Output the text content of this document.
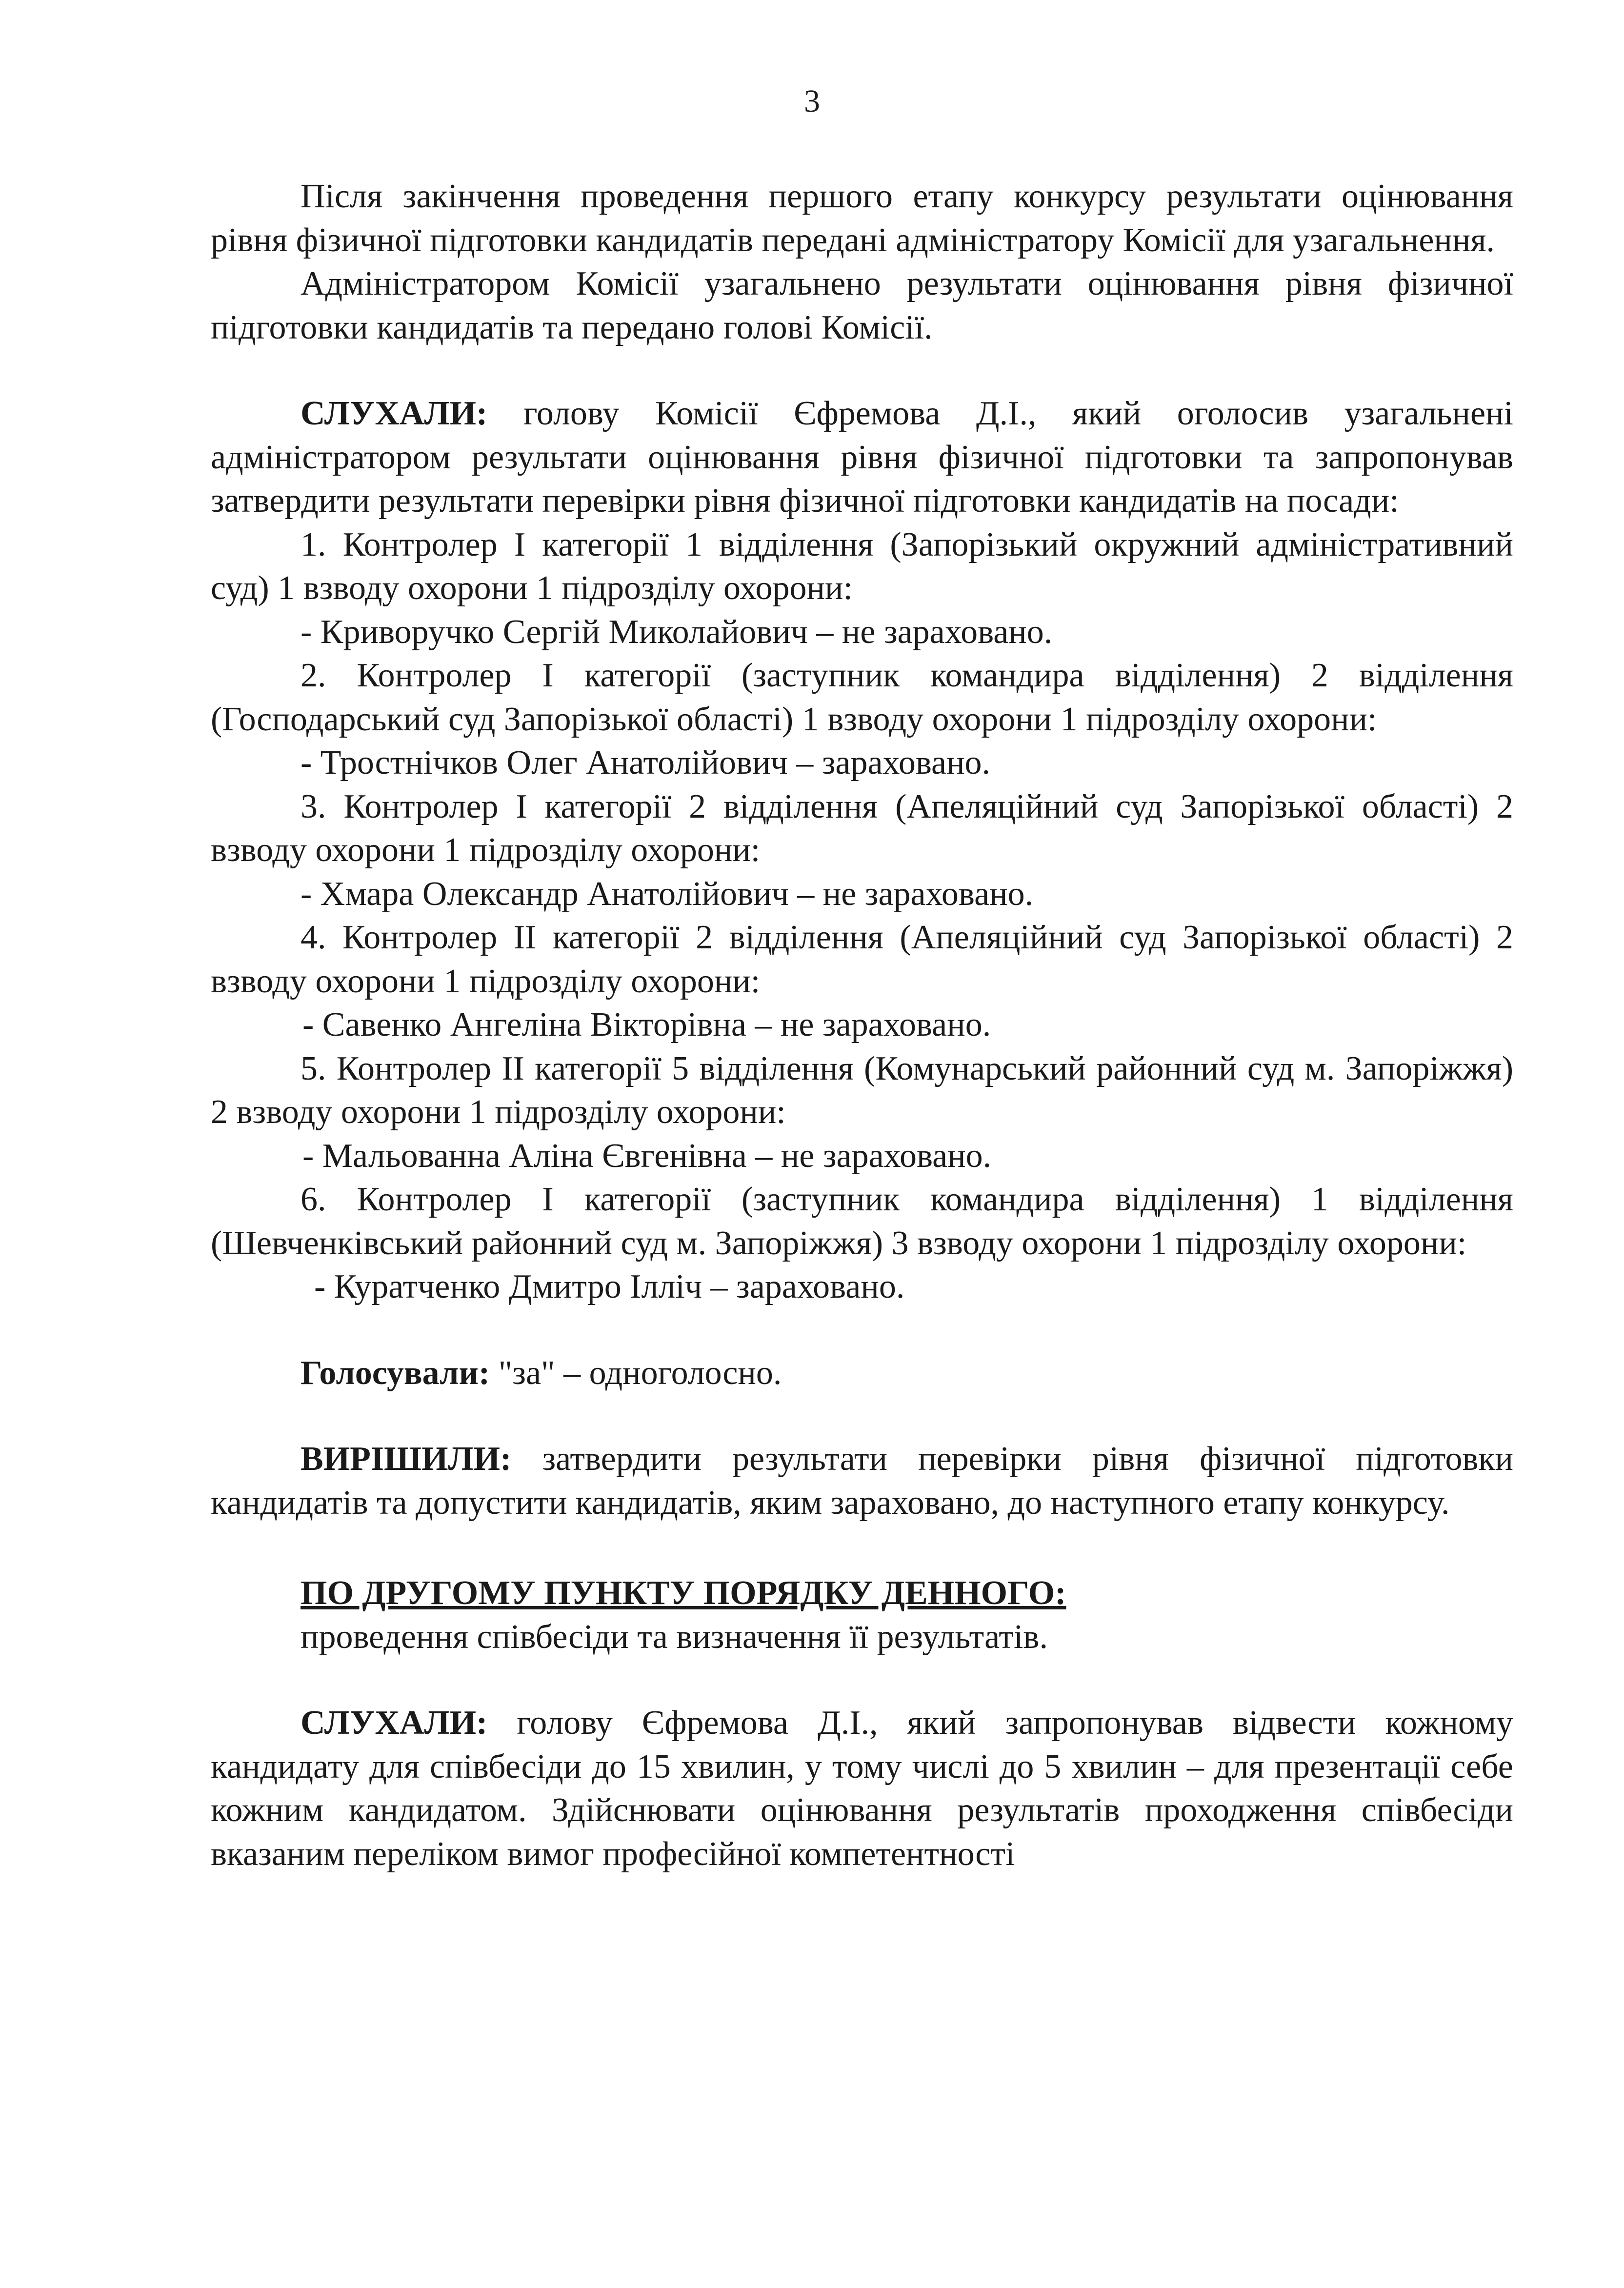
3

Після закінчення проведення першого етапу конкурсу результати оцінювання рівня фізичної підготовки кандидатів передані адміністратору Комісії для узагальнення.

Адміністратором Комісії узагальнено результати оцінювання рівня фізичної підготовки кандидатів та передано голові Комісії.

СЛУХАЛИ: голову Комісії Єфремова Д.І., який оголосив узагальнені адміністратором результати оцінювання рівня фізичної підготовки та запропонував затвердити результати перевірки рівня фізичної підготовки кандидатів на посади:

1. Контролер І категорії 1 відділення (Запорізький окружний адміністративний суд) 1 взводу охорони 1 підрозділу охорони:

- Криворучко Сергій Миколайович – не зараховано.

2. Контролер І категорії (заступник командира відділення) 2 відділення (Господарський суд Запорізької області) 1 взводу охорони 1 підрозділу охорони:

- Тростнічков Олег Анатолійович – зараховано.

3. Контролер І категорії 2 відділення (Апеляційний суд Запорізької області) 2 взводу охорони 1 підрозділу охорони:

- Хмара Олександр Анатолійович – не зараховано.

4. Контролер ІІ категорії 2 відділення (Апеляційний суд Запорізької області) 2 взводу охорони 1 підрозділу охорони:

- Савенко Ангеліна Вікторівна – не зараховано.

5. Контролер ІІ категорії 5 відділення (Комунарський районний суд м. Запоріжжя) 2 взводу охорони 1 підрозділу охорони:

- Мальованна Аліна Євгенівна – не зараховано.

6. Контролер І категорії (заступник командира відділення) 1 відділення (Шевченківський районний суд м. Запоріжжя) 3 взводу охорони 1 підрозділу охорони:

- Куратченко Дмитро Ілліч – зараховано.

Голосували: "за" – одноголосно.

ВИРІШИЛИ: затвердити результати перевірки рівня фізичної підготовки кандидатів та допустити кандидатів, яким зараховано, до наступного етапу конкурсу.

ПО ДРУГОМУ ПУНКТУ ПОРЯДКУ ДЕННОГО:

проведення співбесіди та визначення її результатів.

СЛУХАЛИ: голову Єфремова Д.І., який запропонував відвести кожному кандидату для співбесіди до 15 хвилин, у тому числі до 5 хвилин – для презентації себе кожним кандидатом. Здійснювати оцінювання результатів проходження співбесіди вказаним переліком вимог професійної компетентності
